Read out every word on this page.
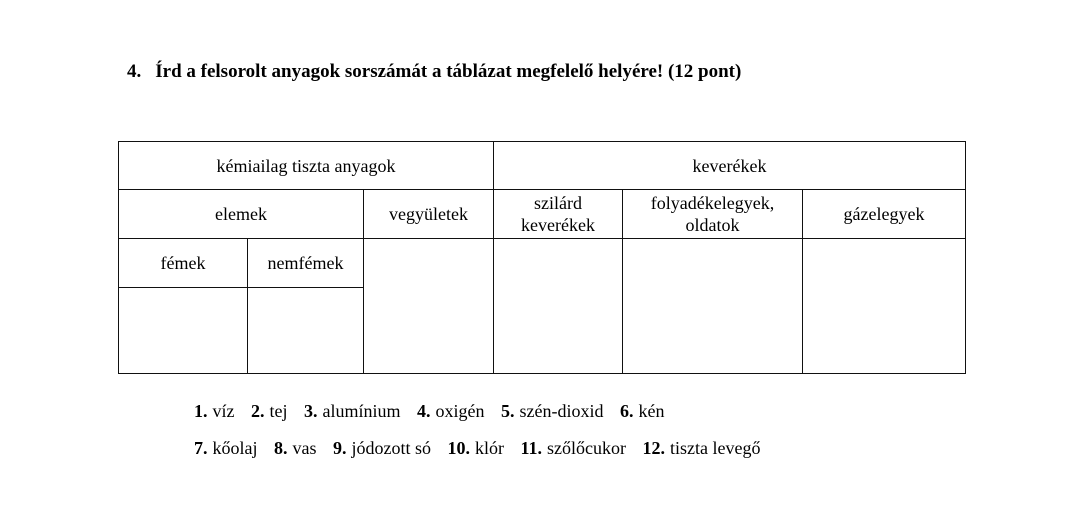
4. Írd a felsorolt anyagok sorszámát a táblázat megfelelő helyére! (12 pont)
kémiailag tiszta anyagok			keverékek		
elemek		vegyületek	szilárd keverékek	folyadékelegyek, oldatok	gázelegyek
fémek	nemfémek				

1. víz 2. tej 3. alumínium 4. oxigén 5. szén-dioxid 6. kén
7. kőolaj 8. vas 9. jódozott só 10. klór 11. szőlőcukor 12. tiszta levegő
